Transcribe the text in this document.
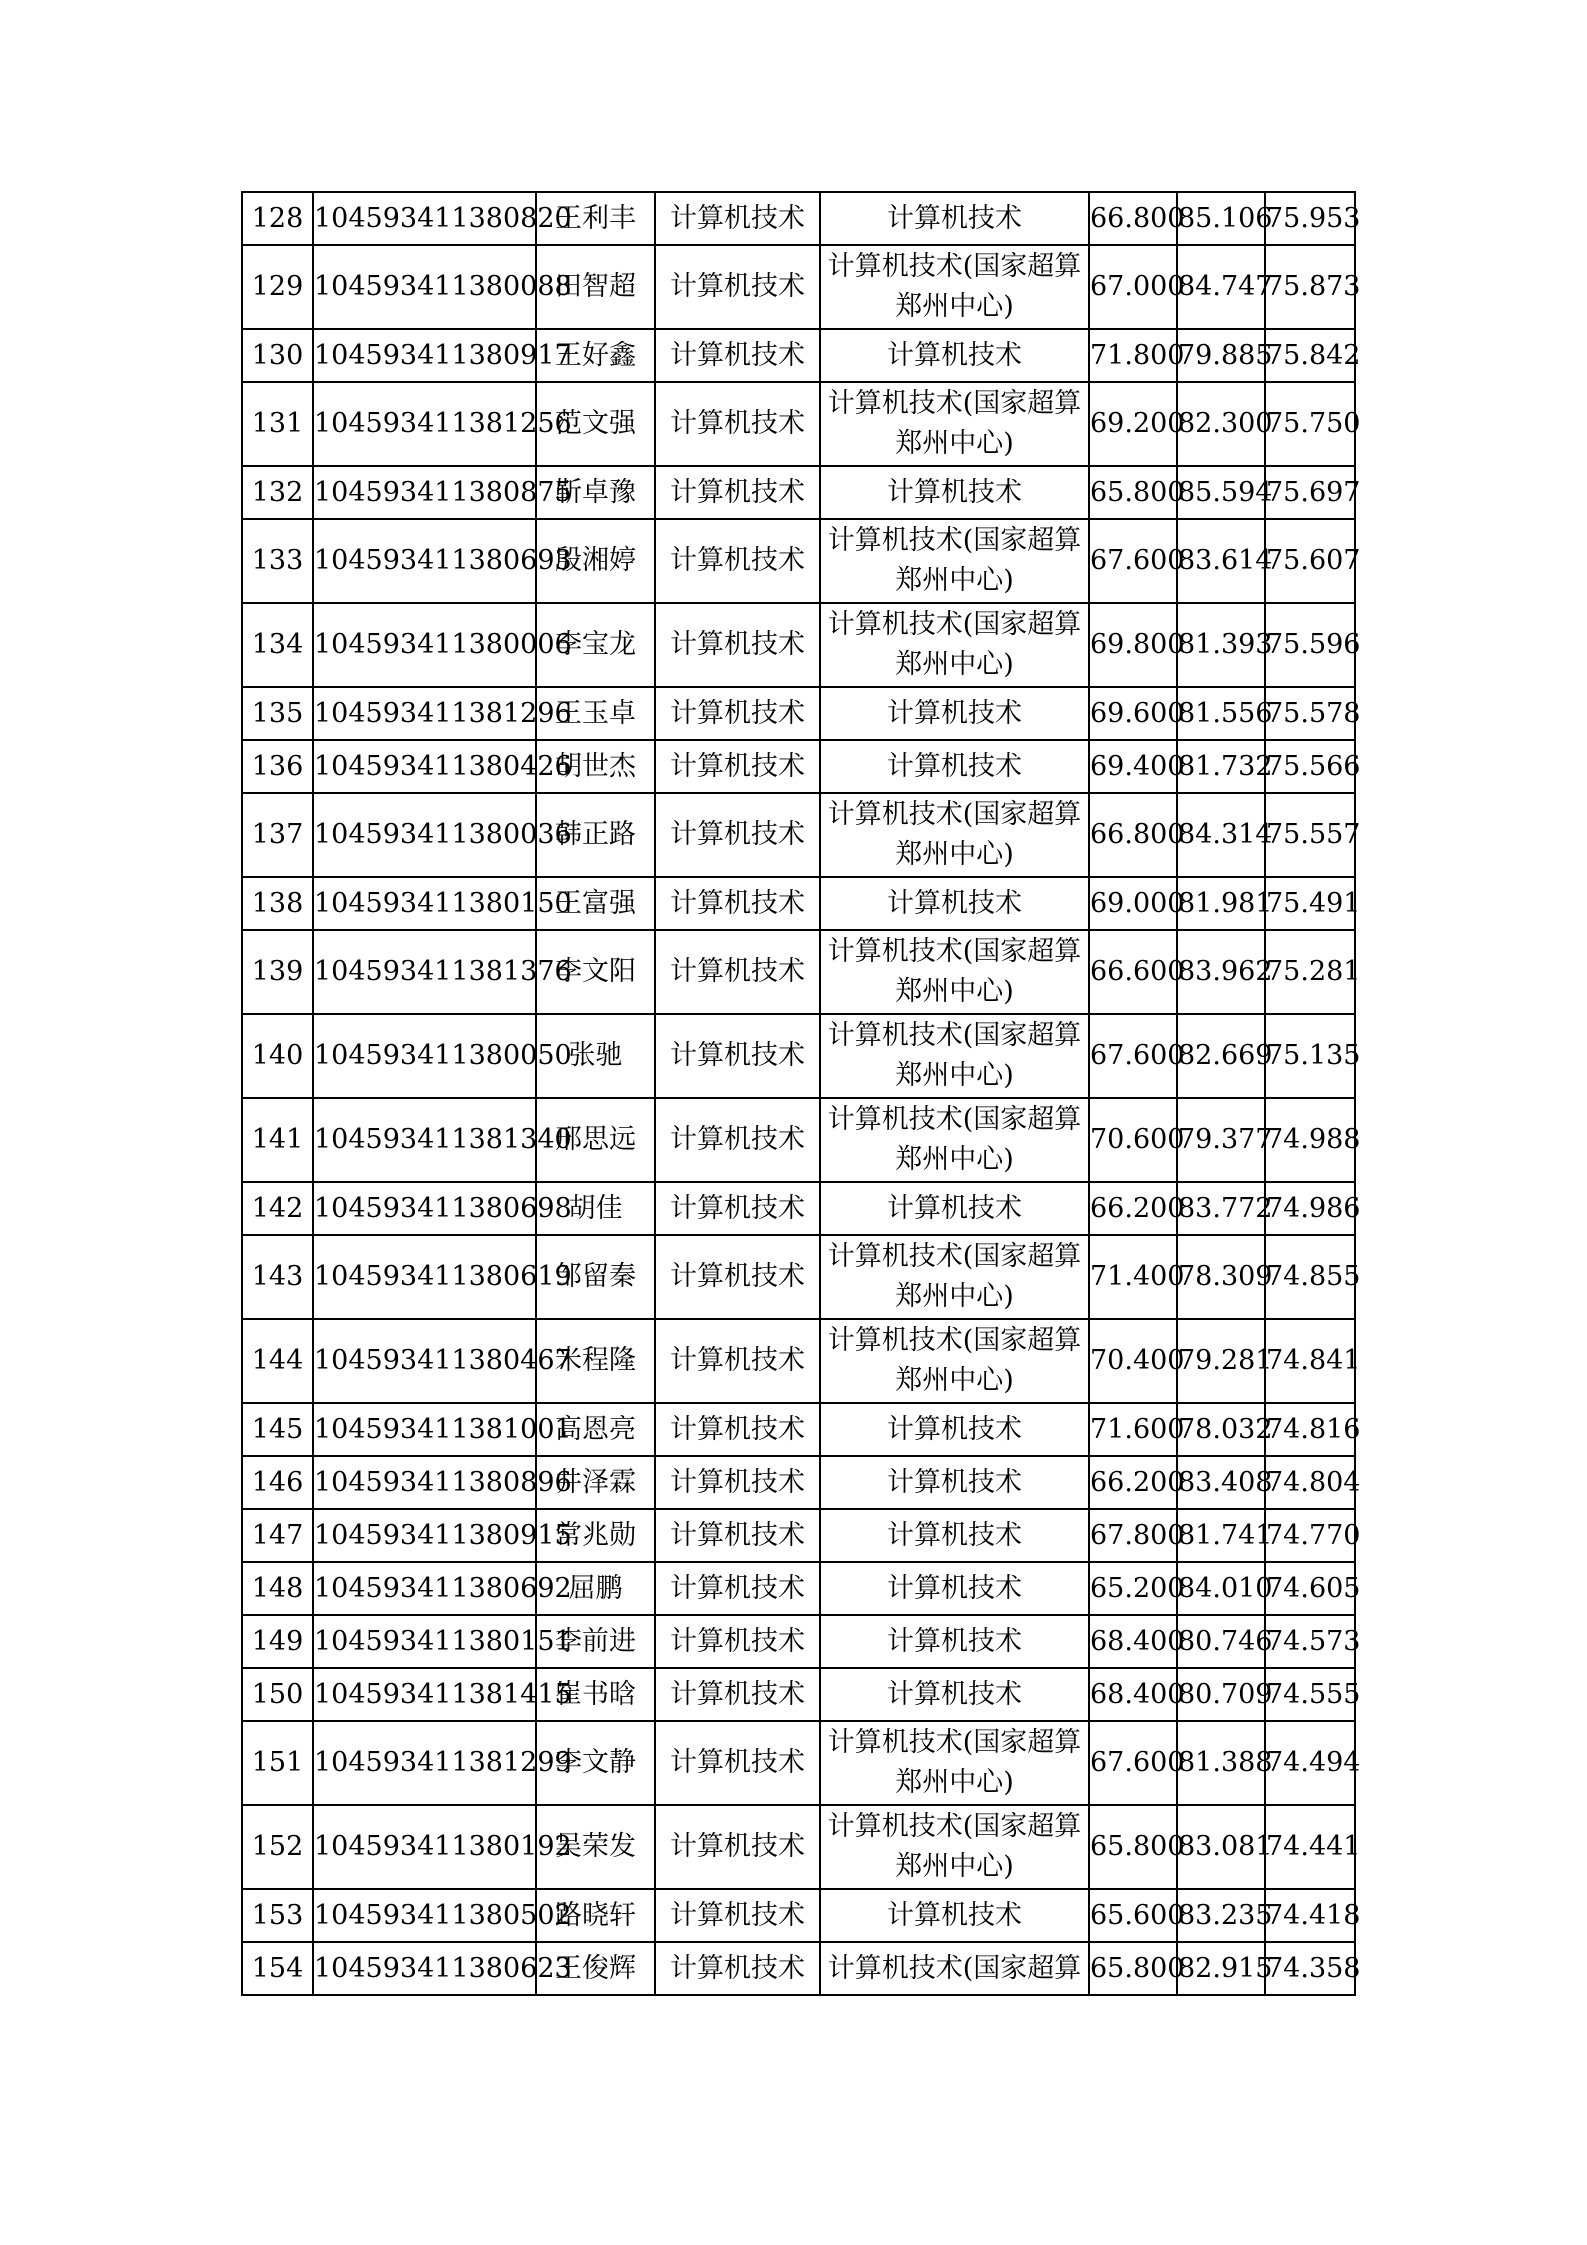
128	104593411380820	王利丰	计算机技术	计算机技术	66.800	85.106	75.953
129	104593411380088	田智超	计算机技术	计算机技术(国家超算郑州中心)	67.000	84.747	75.873
130	104593411380917	王好鑫	计算机技术	计算机技术	71.800	79.885	75.842
131	104593411381256	范文强	计算机技术	计算机技术(国家超算郑州中心)	69.200	82.300	75.750
132	104593411380875	靳卓豫	计算机技术	计算机技术	65.800	85.594	75.697
133	104593411380693	殷湘婷	计算机技术	计算机技术(国家超算郑州中心)	67.600	83.614	75.607
134	104593411380006	李宝龙	计算机技术	计算机技术(国家超算郑州中心)	69.800	81.393	75.596
135	104593411381296	王玉卓	计算机技术	计算机技术	69.600	81.556	75.578
136	104593411380426	胡世杰	计算机技术	计算机技术	69.400	81.732	75.566
137	104593411380036	韩正路	计算机技术	计算机技术(国家超算郑州中心)	66.800	84.314	75.557
138	104593411380150	王富强	计算机技术	计算机技术	69.000	81.981	75.491
139	104593411381376	李文阳	计算机技术	计算机技术(国家超算郑州中心)	66.600	83.962	75.281
140	104593411380050	张驰	计算机技术	计算机技术(国家超算郑州中心)	67.600	82.669	75.135
141	104593411381340	邢思远	计算机技术	计算机技术(国家超算郑州中心)	70.600	79.377	74.988
142	104593411380698	胡佳	计算机技术	计算机技术	66.200	83.772	74.986
143	104593411380619	邹留秦	计算机技术	计算机技术(国家超算郑州中心)	71.400	78.309	74.855
144	104593411380467	米程隆	计算机技术	计算机技术(国家超算郑州中心)	70.400	79.281	74.841
145	104593411381001	高恩亮	计算机技术	计算机技术	71.600	78.032	74.816
146	104593411380896	井泽霖	计算机技术	计算机技术	66.200	83.408	74.804
147	104593411380915	常兆勋	计算机技术	计算机技术	67.800	81.741	74.770
148	104593411380692	屈鹏	计算机技术	计算机技术	65.200	84.010	74.605
149	104593411380151	李前进	计算机技术	计算机技术	68.400	80.746	74.573
150	104593411381415	崔书晗	计算机技术	计算机技术	68.400	80.709	74.555
151	104593411381299	李文静	计算机技术	计算机技术(国家超算郑州中心)	67.600	81.388	74.494
152	104593411380192	吴荣发	计算机技术	计算机技术(国家超算郑州中心)	65.800	83.081	74.441
153	104593411380502	路晓轩	计算机技术	计算机技术	65.600	83.235	74.418
154	104593411380623	王俊辉	计算机技术	计算机技术(国家超算	65.800	82.915	74.358
